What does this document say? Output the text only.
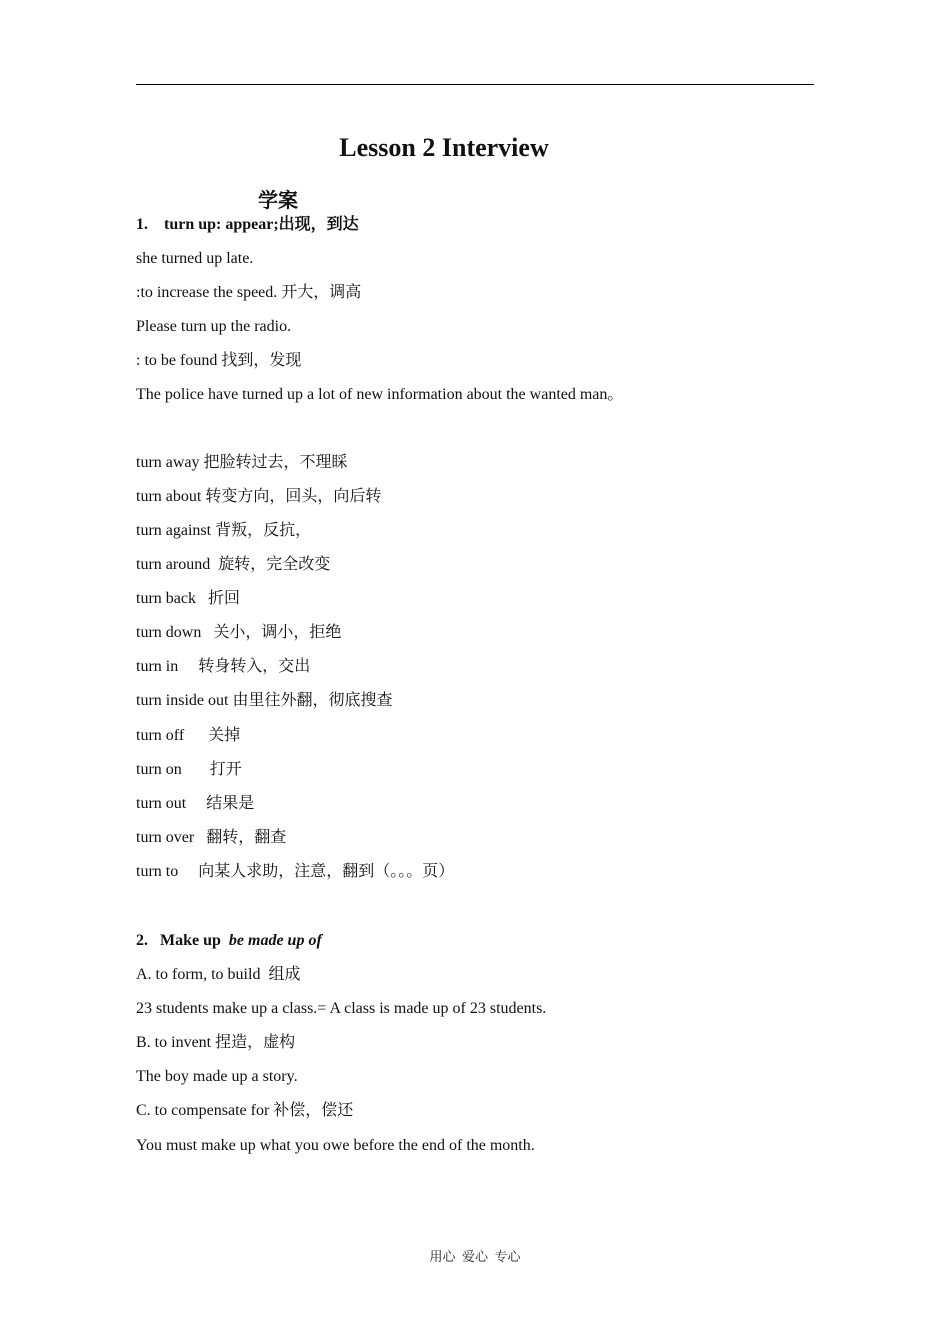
Lesson 2 Interview
学案
1.    turn up: appear;出现，到达
she turned up late.
:to increase the speed. 开大，调高
Please turn up the radio.
: to be found 找到，发现
The police have turned up a lot of new information about the wanted man。
turn away 把脸转过去，不理睬
turn about 转变方向，回头，向后转
turn against 背叛，反抗，
turn around  旋转，完全改变
turn back   折回
turn down   关小，调小，拒绝
turn in     转身转入，交出
turn inside out 由里往外翻，彻底搜查
turn off      关掉
turn on       打开
turn out     结果是
turn over   翻转，翻查
turn to     向某人求助，注意，翻到（。。。页）
2.   Make up  be made up of
A. to form, to build  组成
23 students make up a class.= A class is made up of 23 students.
B. to invent 捏造，虚构
The boy made up a story.
C. to compensate for 补偿，偿还
You must make up what you owe before the end of the month.
用心  爱心  专心
